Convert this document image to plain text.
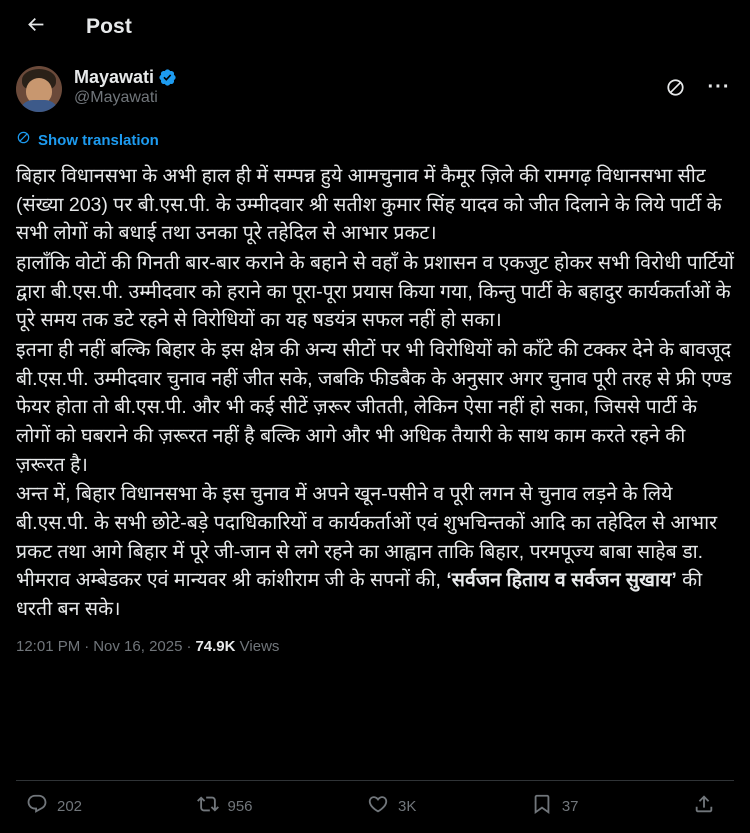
Post
Mayawati
@Mayawati	···
Show translation

बिहार विधानसभा के अभी हाल ही में सम्पन्न हुये आमचुनाव में कैमूर ज़िले की रामगढ़ विधानसभा सीट (संख्या 203) पर बी.एस.पी. के उम्मीदवार श्री सतीश कुमार सिंह यादव को जीत दिलाने के लिये पार्टी के सभी लोगों को बधाई तथा उनका पूरे तहेदिल से आभार प्रकट।

हालाँकि वोटों की गिनती बार-बार कराने के बहाने से वहाँ के प्रशासन व एकजुट होकर सभी विरोधी पार्टियों द्वारा बी.एस.पी. उम्मीदवार को हराने का पूरा-पूरा प्रयास किया गया, किन्तु पार्टी के बहादुर कार्यकर्ताओं के पूरे समय तक डटे रहने से विरोधियों का यह षडयंत्र सफल नहीं हो सका।

इतना ही नहीं बल्कि बिहार के इस क्षेत्र की अन्य सीटों पर भी विरोधियों को काँटे की टक्कर देने के बावजूद बी.एस.पी. उम्मीदवार चुनाव नहीं जीत सके, जबकि फीडबैक के अनुसार अगर चुनाव पूरी तरह से फ्री एण्ड फेयर होता तो बी.एस.पी. और भी कई सीटें ज़रूर जीतती, लेकिन ऐसा नहीं हो सका, जिससे पार्टी के लोगों को घबराने की ज़रूरत नहीं है बल्कि आगे और भी अधिक तैयारी के साथ काम करते रहने की ज़रूरत है।

अन्त में, बिहार विधानसभा के इस चुनाव में अपने खून-पसीने व पूरी लगन से चुनाव लड़ने के लिये बी.एस.पी. के सभी छोटे-बड़े पदाधिकारियों व कार्यकर्ताओं एवं शुभचिन्तकों आदि का तहेदिल से आभार प्रकट तथा आगे बिहार में पूरे जी-जान से लगे रहने का आह्वान ताकि बिहार, परमपूज्य बाबा साहेब डा. भीमराव अम्बेडकर एवं मान्यवर श्री कांशीराम जी के सपनों की, ‘सर्वजन हिताय व सर्वजन सुखाय’ की धरती बन सके।

12:01 PM · Nov 16, 2025 · 74.9K Views
202	956	3K	37
